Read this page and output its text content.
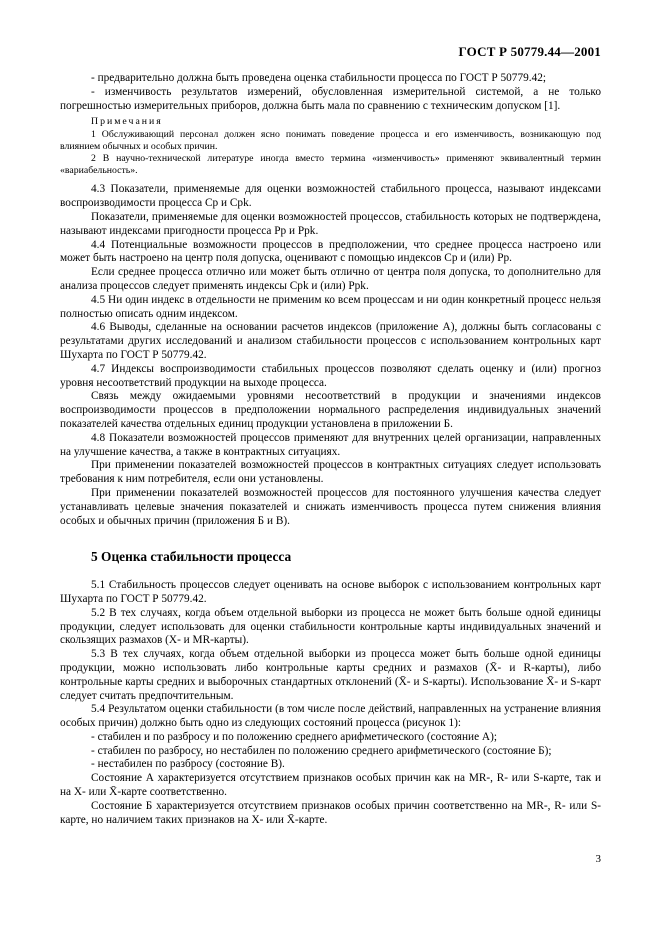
ГОСТ Р 50779.44—2001

- предварительно должна быть проведена оценка стабильности процесса по ГОСТ Р 50779.42;

- изменчивость результатов измерений, обусловленная измерительной системой, а не только погрешностью измерительных приборов, должна быть мала по сравнению с техническим допуском [1].

Примечания

1 Обслуживающий персонал должен ясно понимать поведение процесса и его изменчивость, возникающую под влиянием обычных и особых причин.

2 В научно-технической литературе иногда вместо термина «изменчивость» применяют эквивалентный термин «вариабельность».

4.3 Показатели, применяемые для оценки возможностей стабильного процесса, называют индексами воспроизводимости процесса Cp и Cpk.

Показатели, применяемые для оценки возможностей процессов, стабильность которых не подтверждена, называют индексами пригодности процесса Pp и Ppk.

4.4 Потенциальные возможности процессов в предположении, что среднее процесса настроено или может быть настроено на центр поля допуска, оценивают с помощью индексов Cp и (или) Pp.

Если среднее процесса отлично или может быть отлично от центра поля допуска, то дополнительно для анализа процессов следует применять индексы Cpk и (или) Ppk.

4.5 Ни один индекс в отдельности не применим ко всем процессам и ни один конкретный процесс нельзя полностью описать одним индексом.

4.6 Выводы, сделанные на основании расчетов индексов (приложение А), должны быть согласованы с результатами других исследований и анализом стабильности процессов с использованием контрольных карт Шухарта по ГОСТ Р 50779.42.

4.7 Индексы воспроизводимости стабильных процессов позволяют сделать оценку и (или) прогноз уровня несоответствий продукции на выходе процесса.

Связь между ожидаемыми уровнями несоответствий в продукции и значениями индексов воспроизводимости процессов в предположении нормального распределения индивидуальных значений показателей качества отдельных единиц продукции установлена в приложении Б.

4.8 Показатели возможностей процессов применяют для внутренних целей организации, направленных на улучшение качества, а также в контрактных ситуациях.

При применении показателей возможностей процессов в контрактных ситуациях следует использовать требования к ним потребителя, если они установлены.

При применении показателей возможностей процессов для постоянного улучшения качества следует устанавливать целевые значения показателей и снижать изменчивость процесса путем снижения влияния особых и обычных причин (приложения Б и В).

5 Оценка стабильности процесса

5.1 Стабильность процессов следует оценивать на основе выборок с использованием контрольных карт Шухарта по ГОСТ Р 50779.42.

5.2 В тех случаях, когда объем отдельной выборки из процесса не может быть больше одной единицы продукции, следует использовать для оценки стабильности контрольные карты индивидуальных значений и скользящих размахов (X- и MR-карты).

5.3 В тех случаях, когда объем отдельной выборки из процесса может быть больше одной единицы продукции, можно использовать либо контрольные карты средних и размахов (X̄- и R-карты), либо контрольные карты средних и выборочных стандартных отклонений (X̄- и S-карты). Использование X̄- и S-карт следует считать предпочтительным.

5.4 Результатом оценки стабильности (в том числе после действий, направленных на устранение влияния особых причин) должно быть одно из следующих состояний процесса (рисунок 1):

- стабилен и по разбросу и по положению среднего арифметического (состояние А);

- стабилен по разбросу, но нестабилен по положению среднего арифметического (состояние Б);

- нестабилен по разбросу (состояние В).

Состояние А характеризуется отсутствием признаков особых причин как на MR-, R- или S-карте, так и на X- или X̄-карте соответственно.

Состояние Б характеризуется отсутствием признаков особых причин соответственно на MR-, R- или S-карте, но наличием таких признаков на X- или X̄-карте.

3
